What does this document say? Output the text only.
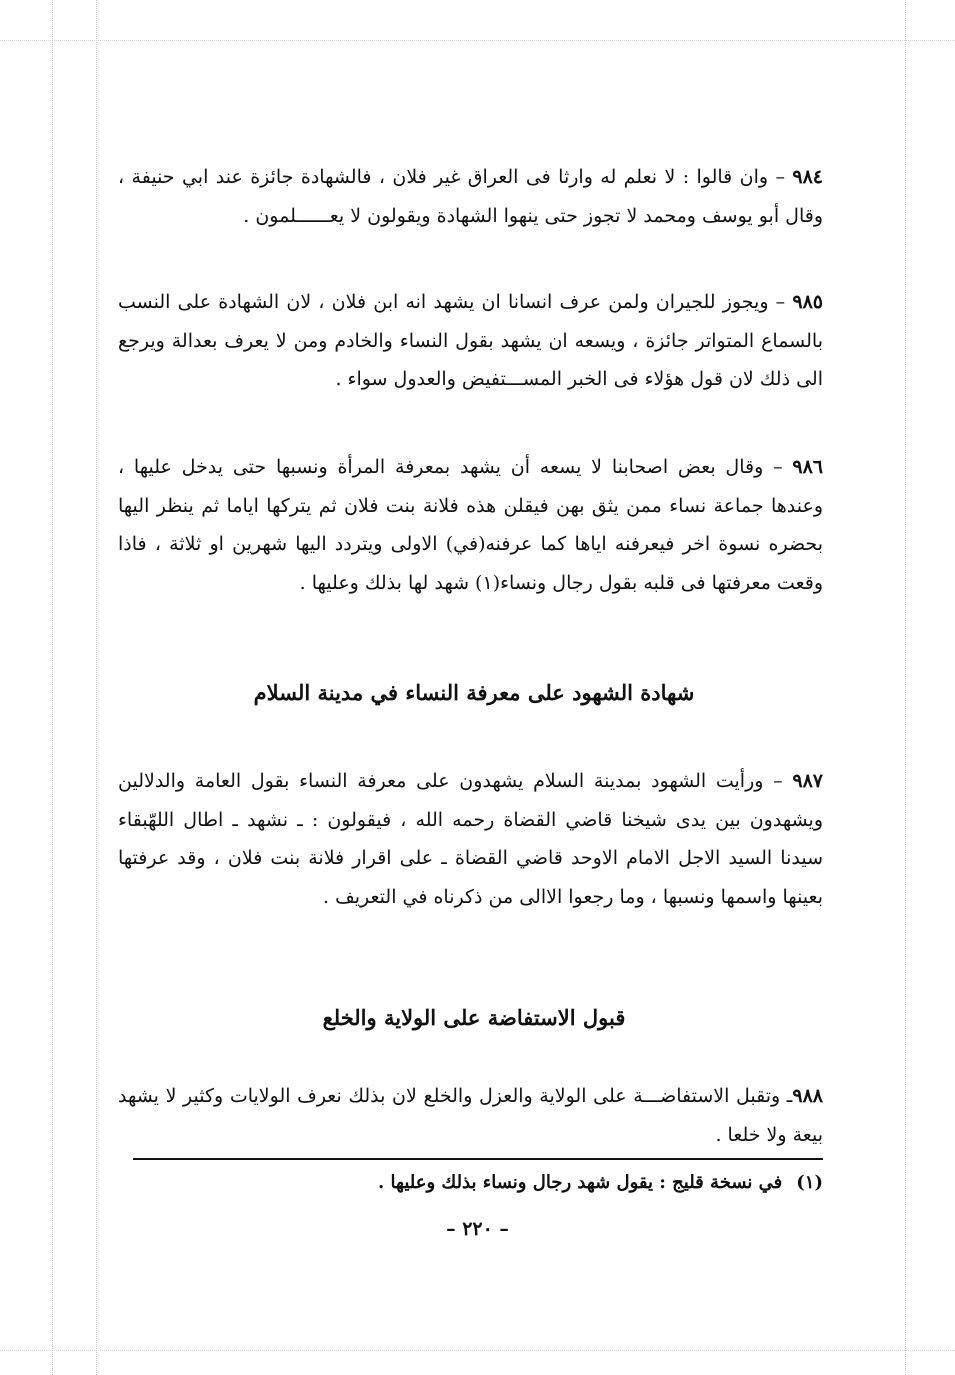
٩٨٤ – وان قالوا : لا نعلم له وارثا فى العراق غير فلان ، فالشهادة جائزة عند ابي حنيفة ، وقال أبو يوسف ومحمد لا تجوز حتى ينهوا الشهادة ويقولون لا يعــــــلمون .

٩٨٥ – ويجوز للجيران ولمن عرف انسانا ان يشهد انه ابن فلان ، لان الشهادة على النسب بالسماع المتواتر جائزة ، ويسعه ان يشهد بقول النساء والخادم ومن لا يعرف بعدالة ويرجع الى ذلك لان قول هؤلاء فى الخبر المســـتفيض والعدول سواء .

٩٨٦ – وقال بعض اصحابنا لا يسعه أن يشهد بمعرفة المرأة ونسبها حتى يدخل عليها ، وعندها جماعة نساء ممن يثق بهن فيقلن هذه فلانة بنت فلان ثم يتركها اياما ثم ينظر اليها بحضره نسوة اخر فيعرفنه اياها كما عرفنه(في) الاولى ويتردد اليها شهرين او ثلاثة ، فاذا وقعت معرفتها فى قلبه بقول رجال ونساء(١) شهد لها بذلك وعليها .

شهادة الشهود على معرفة النساء في مدينة السلام

٩٨٧ – ورأيت الشهود بمدينة السلام يشهدون على معرفة النساء بقول العامة والدلالين ويشهدون بين يدى شيخنا قاضي القضاة رحمه الله ، فيقولون : ـ نشهد ـ اطال اللهّبقاء سيدنا السيد الاجل الامام الاوحد قاضي القضاة ـ على اقرار فلانة بنت فلان ، وقد عرفتها بعينها واسمها ونسبها ، وما رجعوا الاالى من ذكرناه في التعريف .

قبول الاستفاضة على الولاية والخلع

٩٨٨ـ وتقبل الاستفاضـــة على الولاية والعزل والخلع لان بذلك نعرف الولايات وكثير لا يشهد بيعة ولا خلعا .

(١)في نسخة قليج : يقول شهد رجال ونساء بذلك وعليها .
– ٢٢٠ –
